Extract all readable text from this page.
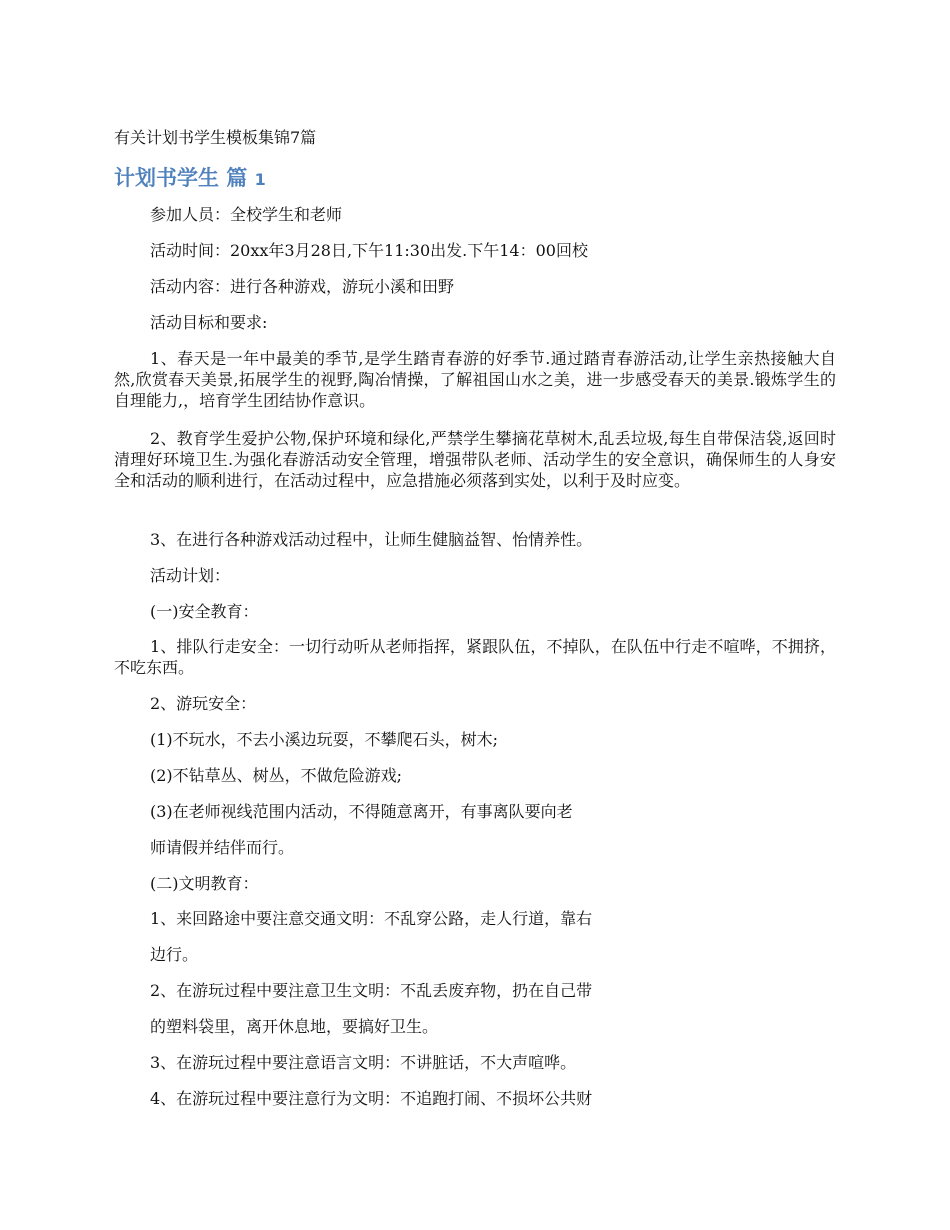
有关计划书学生模板集锦7篇
计划书学生 篇 1

参加人员：全校学生和老师

活动时间：20xx年3月28日,下午11:30出发.下午14：00回校

活动内容：进行各种游戏，游玩小溪和田野

活动目标和要求:

1、春天是一年中最美的季节,是学生踏青春游的好季节.通过踏青春游活动,让学生亲热接触大自然,欣赏春天美景,拓展学生的视野,陶冶情操，了解祖国山水之美，进一步感受春天的美景.锻炼学生的自理能力,，培育学生团结协作意识。

2、教育学生爱护公物,保护环境和绿化,严禁学生攀摘花草树木,乱丢垃圾,每生自带保洁袋,返回时清理好环境卫生.为强化春游活动安全管理，增强带队老师、活动学生的安全意识，确保师生的人身安全和活动的顺利进行，在活动过程中，应急措施必须落到实处，以利于及时应变。

3、在进行各种游戏活动过程中，让师生健脑益智、怡情养性。

活动计划：

(一)安全教育：

1、排队行走安全：一切行动听从老师指挥，紧跟队伍，不掉队，在队伍中行走不喧哗，不拥挤，不吃东西。

2、游玩安全：

(1)不玩水，不去小溪边玩耍，不攀爬石头，树木;

(2)不钻草丛、树丛，不做危险游戏;

(3)在老师视线范围内活动，不得随意离开，有事离队要向老

师请假并结伴而行。

(二)文明教育：

1、来回路途中要注意交通文明：不乱穿公路，走人行道，靠右

边行。

2、在游玩过程中要注意卫生文明：不乱丢废弃物，扔在自己带

的塑料袋里，离开休息地，要搞好卫生。

3、在游玩过程中要注意语言文明：不讲脏话，不大声喧哗。

4、在游玩过程中要注意行为文明：不追跑打闹、不损坏公共财
